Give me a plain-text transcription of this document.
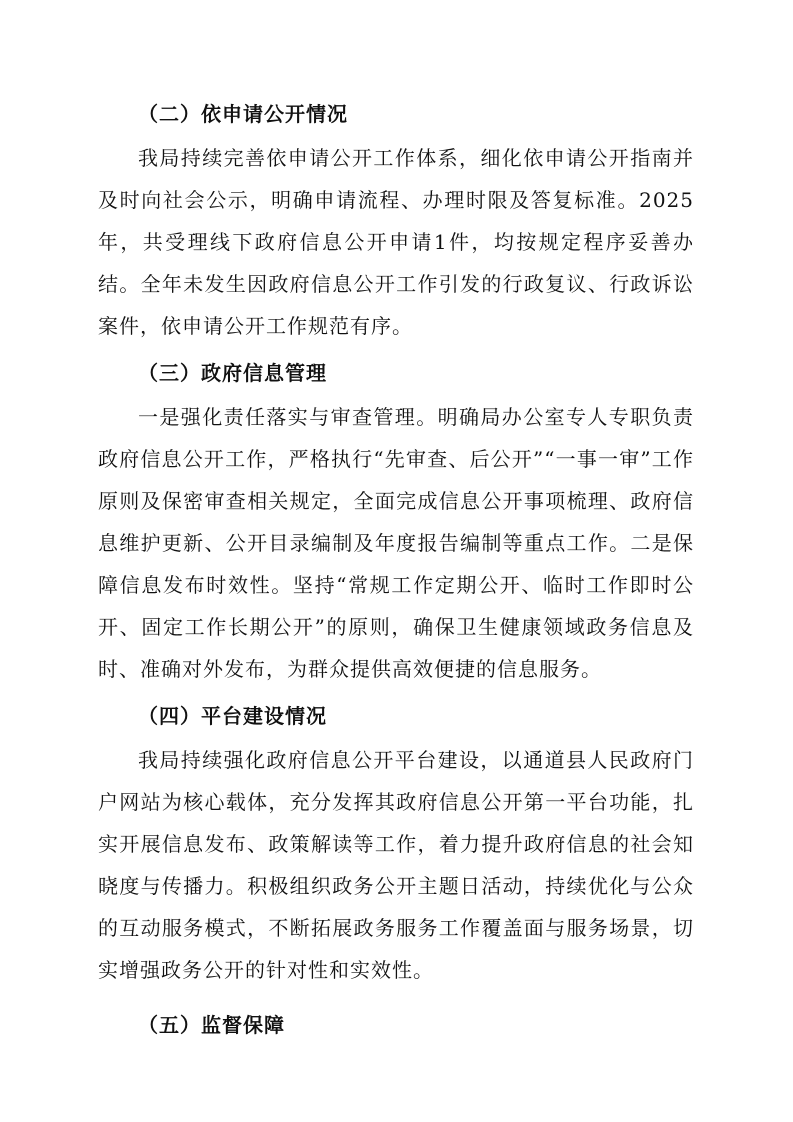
（二）依申请公开情况

我局持续完善依申请公开工作体系，细化依申请公开指南并及时向社会公示，明确申请流程、办理时限及答复标准。2025年，共受理线下政府信息公开申请1件，均按规定程序妥善办结。全年未发生因政府信息公开工作引发的行政复议、行政诉讼案件，依申请公开工作规范有序。

（三）政府信息管理

一是强化责任落实与审查管理。明确局办公室专人专职负责政府信息公开工作，严格执行“先审查、后公开”“一事一审”工作原则及保密审查相关规定，全面完成信息公开事项梳理、政府信息维护更新、公开目录编制及年度报告编制等重点工作。二是保障信息发布时效性。坚持“常规工作定期公开、临时工作即时公开、固定工作长期公开”的原则，确保卫生健康领域政务信息及时、准确对外发布，为群众提供高效便捷的信息服务。

（四）平台建设情况

我局持续强化政府信息公开平台建设，以通道县人民政府门户网站为核心载体，充分发挥其政府信息公开第一平台功能，扎实开展信息发布、政策解读等工作，着力提升政府信息的社会知晓度与传播力。积极组织政务公开主题日活动，持续优化与公众的互动服务模式，不断拓展政务服务工作覆盖面与服务场景，切实增强政务公开的针对性和实效性。

（五）监督保障
